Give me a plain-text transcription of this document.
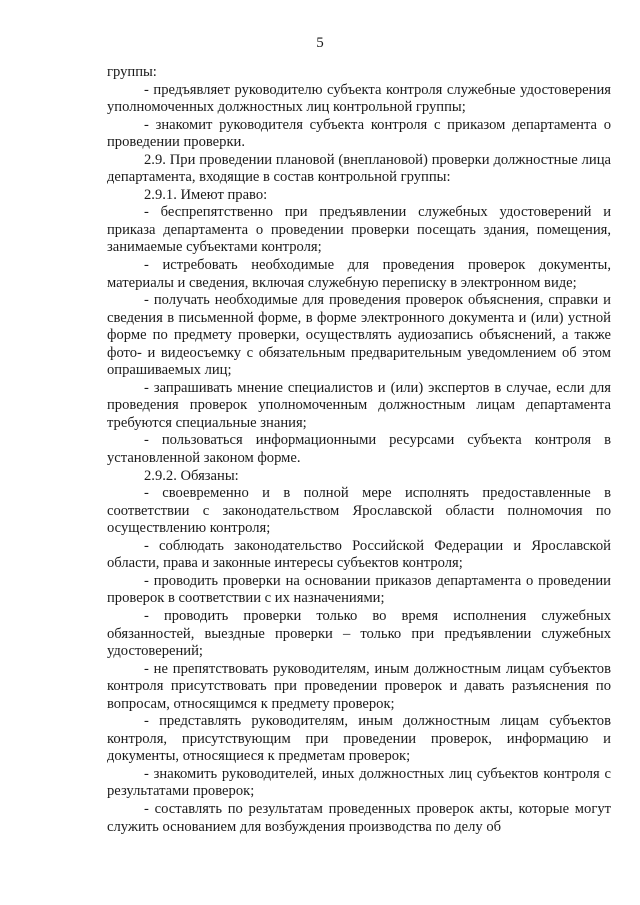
5

группы:

- предъявляет руководителю субъекта контроля служебные удостоверения уполномоченных должностных лиц контрольной группы;

- знакомит руководителя субъекта контроля с приказом департамента о проведении проверки.

2.9. При проведении плановой (внеплановой) проверки должностные лица департамента, входящие в состав контрольной группы:

2.9.1. Имеют право:

- беспрепятственно при предъявлении служебных удостоверений и приказа департамента о проведении проверки посещать здания, помещения, занимаемые субъектами контроля;

- истребовать необходимые для проведения проверок документы, материалы и сведения, включая служебную переписку в электронном виде;

- получать необходимые для проведения проверок объяснения, справки и сведения в письменной форме, в форме электронного документа и (или) устной форме по предмету проверки, осуществлять аудиозапись объяснений, а также фото- и видеосъемку с обязательным предварительным уведомлением об этом опрашиваемых лиц;

- запрашивать мнение специалистов и (или) экспертов в случае, если для проведения проверок уполномоченным должностным лицам департамента требуются специальные знания;

- пользоваться информационными ресурсами субъекта контроля в установленной законом форме.

2.9.2. Обязаны:

- своевременно и в полной мере исполнять предоставленные в соответствии с законодательством Ярославской области полномочия по осуществлению контроля;

- соблюдать законодательство Российской Федерации и Ярославской области, права и законные интересы субъектов контроля;

- проводить проверки на основании приказов департамента о проведении проверок в соответствии с их назначениями;

- проводить проверки только во время исполнения служебных обязанностей, выездные проверки – только при предъявлении служебных удостоверений;

- не препятствовать руководителям, иным должностным лицам субъектов контроля присутствовать при проведении проверок и давать разъяснения по вопросам, относящимся к предмету проверок;

- представлять руководителям, иным должностным лицам субъектов контроля, присутствующим при проведении проверок, информацию и документы, относящиеся к предметам проверок;

- знакомить руководителей, иных должностных лиц субъектов контроля с результатами проверок;

- составлять по результатам проведенных проверок акты, которые могут служить основанием для возбуждения производства по делу об
